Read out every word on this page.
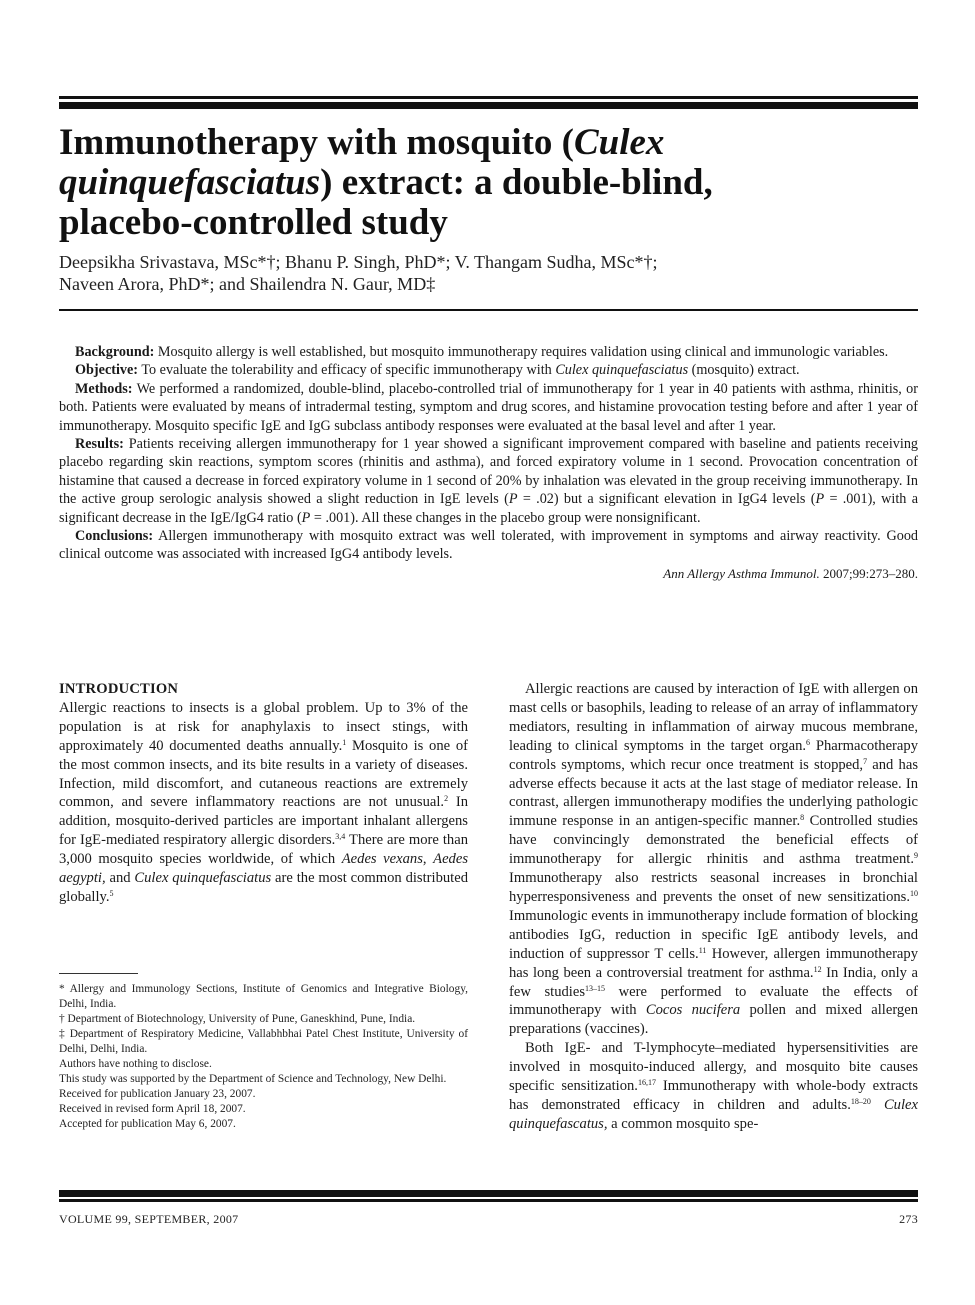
Immunotherapy with mosquito (Culex
quinquefasciatus) extract: a double-blind,
placebo-controlled study
Deepsikha Srivastava, MSc*†; Bhanu P. Singh, PhD*; V. Thangam Sudha, MSc*†;
Naveen Arora, PhD*; and Shailendra N. Gaur, MD‡

Background: Mosquito allergy is well established, but mosquito immunotherapy requires validation using clinical and immunologic variables.

Objective: To evaluate the tolerability and efficacy of specific immunotherapy with Culex quinquefasciatus (mosquito) extract.

Methods: We performed a randomized, double-blind, placebo-controlled trial of immunotherapy for 1 year in 40 patients with asthma, rhinitis, or both. Patients were evaluated by means of intradermal testing, symptom and drug scores, and histamine provocation testing before and after 1 year of immunotherapy. Mosquito specific IgE and IgG subclass antibody responses were evaluated at the basal level and after 1 year.

Results: Patients receiving allergen immunotherapy for 1 year showed a significant improvement compared with baseline and patients receiving placebo regarding skin reactions, symptom scores (rhinitis and asthma), and forced expiratory volume in 1 second. Provocation concentration of histamine that caused a decrease in forced expiratory volume in 1 second of 20% by inhalation was elevated in the group receiving immunotherapy. In the active group serologic analysis showed a slight reduction in IgE levels (P = .02) but a significant elevation in IgG4 levels (P = .001), with a significant decrease in the IgE/IgG4 ratio (P = .001). All these changes in the placebo group were nonsignificant.

Conclusions: Allergen immunotherapy with mosquito extract was well tolerated, with improvement in symptoms and airway reactivity. Good clinical outcome was associated with increased IgG4 antibody levels.

Ann Allergy Asthma Immunol. 2007;99:273–280.
INTRODUCTION

Allergic reactions to insects is a global problem. Up to 3% of the population is at risk for anaphylaxis to insect stings, with approximately 40 documented deaths annually.$^1$ Mosquito is one of the most common insects, and its bite results in a variety of diseases. Infection, mild discomfort, and cutaneous reactions are extremely common, and severe inflammatory reactions are not unusual.$^2$ In addition, mosquito-derived particles are important inhalant allergens for IgE-mediated respiratory allergic disorders.$^{3,4}$ There are more than 3,000 mosquito species worldwide, of which Aedes vexans, Aedes aegypti, and Culex quinquefasciatus are the most common distributed globally.$^5$

* Allergy and Immunology Sections, Institute of Genomics and Integrative Biology, Delhi, India.

† Department of Biotechnology, University of Pune, Ganeskhind, Pune, India.

‡ Department of Respiratory Medicine, Vallabhbhai Patel Chest Institute, University of Delhi, Delhi, India.

Authors have nothing to disclose.

This study was supported by the Department of Science and Technology, New Delhi.

Received for publication January 23, 2007.

Received in revised form April 18, 2007.

Accepted for publication May 6, 2007.

Allergic reactions are caused by interaction of IgE with allergen on mast cells or basophils, leading to release of an array of inflammatory mediators, resulting in inflammation of airway mucous membrane, leading to clinical symptoms in the target organ.$^6$ Pharmacotherapy controls symptoms, which recur once treatment is stopped,$^7$ and has adverse effects because it acts at the last stage of mediator release. In contrast, allergen immunotherapy modifies the underlying pathologic immune response in an antigen-specific manner.$^8$ Controlled studies have convincingly demonstrated the beneficial effects of immunotherapy for allergic rhinitis and asthma treatment.$^9$ Immunotherapy also restricts seasonal increases in bronchial hyperresponsiveness and prevents the onset of new sensitizations.$^{10}$ Immunologic events in immunotherapy include formation of blocking antibodies IgG, reduction in specific IgE antibody levels, and induction of suppressor T cells.$^{11}$ However, allergen immunotherapy has long been a controversial treatment for asthma.$^{12}$ In India, only a few studies$^{13-15}$ were performed to evaluate the effects of immunotherapy with Cocos nucifera pollen and mixed allergen preparations (vaccines).

Both IgE- and T-lymphocyte–mediated hypersensitivities are involved in mosquito-induced allergy, and mosquito bite causes specific sensitization.$^{16,17}$ Immunotherapy with whole-body extracts has demonstrated efficacy in children and adults.$^{18-20}$ Culex quinquefascatus, a common mosquito spe-

VOLUME 99, SEPTEMBER, 2007	273
